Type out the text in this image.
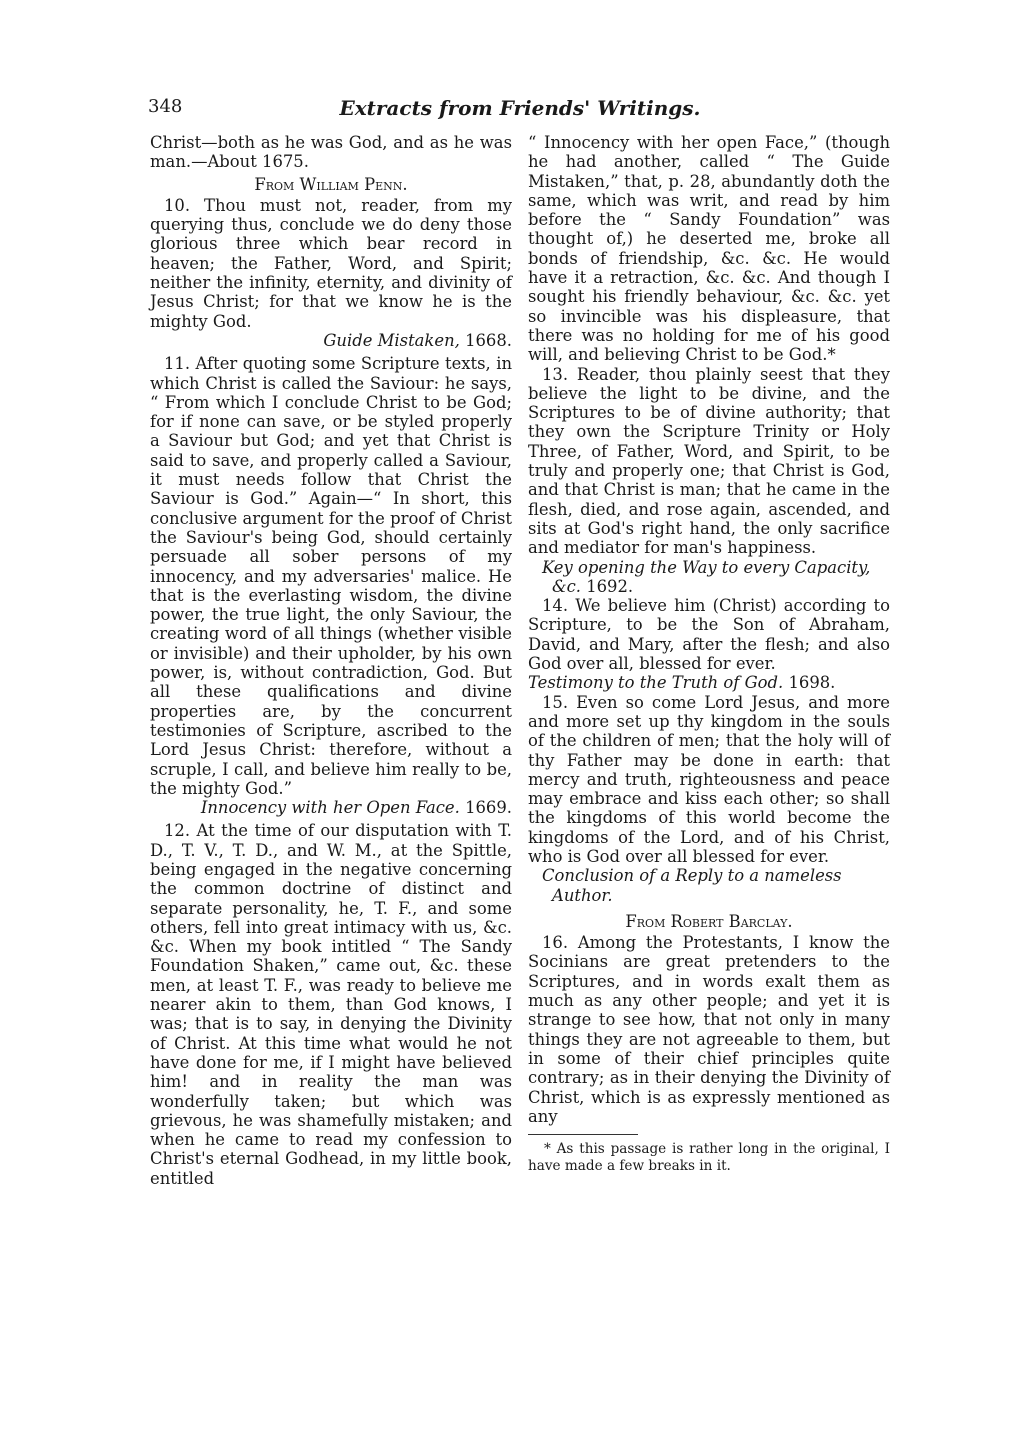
348	Extracts from Friends' Writings.

Christ—both as he was God, and as he was man.—About 1675.

From William Penn.

10. Thou must not, reader, from my querying thus, conclude we do deny those glorious three which bear record in heaven; the Father, Word, and Spirit; neither the infinity, eternity, and divinity of Jesus Christ; for that we know he is the mighty God.

Guide Mistaken, 1668.

11. After quoting some Scripture texts, in which Christ is called the Saviour: he says, “ From which I conclude Christ to be God; for if none can save, or be styled properly a Saviour but God; and yet that Christ is said to save, and properly called a Saviour, it must needs follow that Christ the Saviour is God.” Again—“ In short, this conclusive argument for the proof of Christ the Saviour's being God, should certainly persuade all sober persons of my innocency, and my adversaries' malice. He that is the everlasting wisdom, the divine power, the true light, the only Saviour, the creating word of all things (whether visible or invisible) and their upholder, by his own power, is, without contradiction, God. But all these qualifications and divine properties are, by the concurrent testimonies of Scripture, ascribed to the Lord Jesus Christ: therefore, without a scruple, I call, and believe him really to be, the mighty God.”

Innocency with her Open Face. 1669.

12. At the time of our disputation with T. D., T. V., T. D., and W. M., at the Spittle, being engaged in the negative concerning the common doctrine of distinct and separate personality, he, T. F., and some others, fell into great intimacy with us, &c. &c. When my book intitled “ The Sandy Foundation Shaken,” came out, &c. these men, at least T. F., was ready to believe me nearer akin to them, than God knows, I was; that is to say, in denying the Divinity of Christ. At this time what would he not have done for me, if I might have believed him! and in reality the man was wonderfully taken; but which was grievous, he was shamefully mistaken; and when he came to read my confession to Christ's eternal Godhead, in my little book, entitled

“ Innocency with her open Face,” (though he had another, called “ The Guide Mistaken,” that, p. 28, abundantly doth the same, which was writ, and read by him before the “ Sandy Foundation” was thought of,) he deserted me, broke all bonds of friendship, &c. &c. He would have it a retraction, &c. &c. And though I sought his friendly behaviour, &c. &c. yet so invincible was his displeasure, that there was no holding for me of his good will, and believing Christ to be God.*

13. Reader, thou plainly seest that they believe the light to be divine, and the Scriptures to be of divine authority; that they own the Scripture Trinity or Holy Three, of Father, Word, and Spirit, to be truly and properly one; that Christ is God, and that Christ is man; that he came in the flesh, died, and rose again, ascended, and sits at God's right hand, the only sacrifice and mediator for man's happiness.

Key opening the Way to every Capacity, &c. 1692.

14. We believe him (Christ) according to Scripture, to be the Son of Abraham, David, and Mary, after the flesh; and also God over all, blessed for ever.

Testimony to the Truth of God. 1698.

15. Even so come Lord Jesus, and more and more set up thy kingdom in the souls of the children of men; that the holy will of thy Father may be done in earth: that mercy and truth, righteousness and peace may embrace and kiss each other; so shall the kingdoms of this world become the kingdoms of the Lord, and of his Christ, who is God over all blessed for ever.

Conclusion of a Reply to a nameless Author.

From Robert Barclay.

16. Among the Protestants, I know the Socinians are great pretenders to the Scriptures, and in words exalt them as much as any other people; and yet it is strange to see how, that not only in many things they are not agreeable to them, but in some of their chief principles quite contrary; as in their denying the Divinity of Christ, which is as expressly mentioned as any

* As this passage is rather long in the original, I have made a few breaks in it.
